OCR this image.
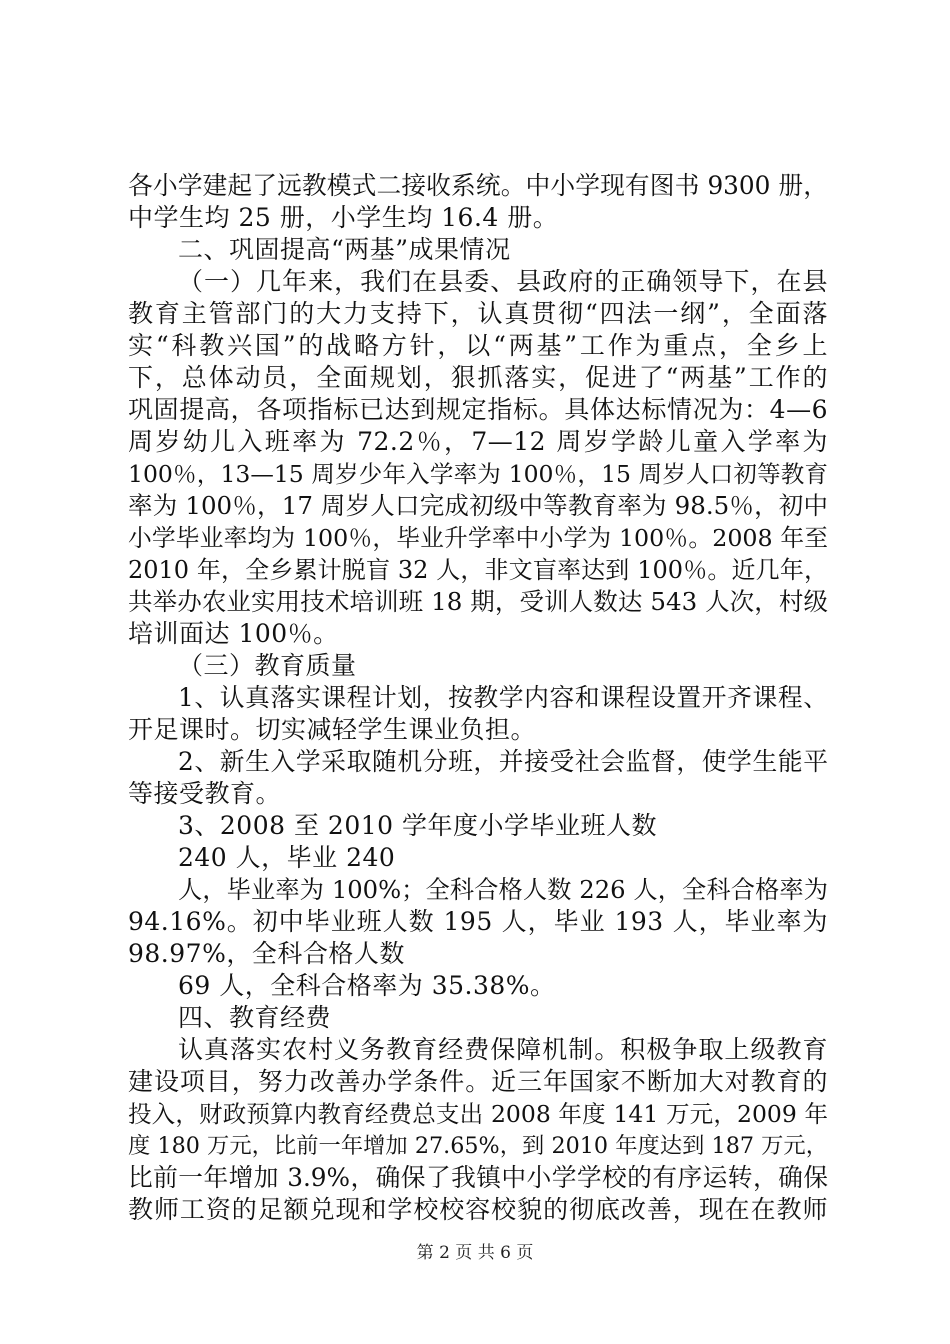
各小学建起了远教模式二接收系统。中小学现有图书 9300 册，
中学生均 25 册，小学生均 16.4 册。
二、巩固提高“两基”成果情况
（一）几年来，我们在县委、县政府的正确领导下，在县
教育主管部门的大力支持下，认真贯彻“四法一纲”，全面落
实“科教兴国”的战略方针，以“两基”工作为重点，全乡上
下，总体动员，全面规划，狠抓落实，促进了“两基”工作的
巩固提高，各项指标已达到规定指标。具体达标情况为：4—6
周岁幼儿入班率为 72.2％，7—12 周岁学龄儿童入学率为
100％，13—15 周岁少年入学率为 100％，15 周岁人口初等教育
率为 100％，17 周岁人口完成初级中等教育率为 98.5％，初中
小学毕业率均为 100％，毕业升学率中小学为 100％。2008 年至
2010 年，全乡累计脱盲 32 人，非文盲率达到 100％。近几年，
共举办农业实用技术培训班 18 期，受训人数达 543 人次，村级
培训面达 100％。
（三）教育质量
1、认真落实课程计划，按教学内容和课程设置开齐课程、
开足课时。切实减轻学生课业负担。
2、新生入学采取随机分班，并接受社会监督，使学生能平
等接受教育。
3、2008 至 2010 学年度小学毕业班人数
240 人，毕业 240
人，毕业率为 100%；全科合格人数 226 人，全科合格率为
94.16%。初中毕业班人数 195 人，毕业 193 人，毕业率为
98.97%，全科合格人数
69 人，全科合格率为 35.38%。
四、教育经费
认真落实农村义务教育经费保障机制。积极争取上级教育
建设项目，努力改善办学条件。近三年国家不断加大对教育的
投入，财政预算内教育经费总支出 2008 年度 141 万元，2009 年
度 180 万元，比前一年增加 27.65%，到 2010 年度达到 187 万元，
比前一年增加 3.9%，确保了我镇中小学学校的有序运转，确保
教师工资的足额兑现和学校校容校貌的彻底改善，现在在教师
第 2 页 共 6 页
